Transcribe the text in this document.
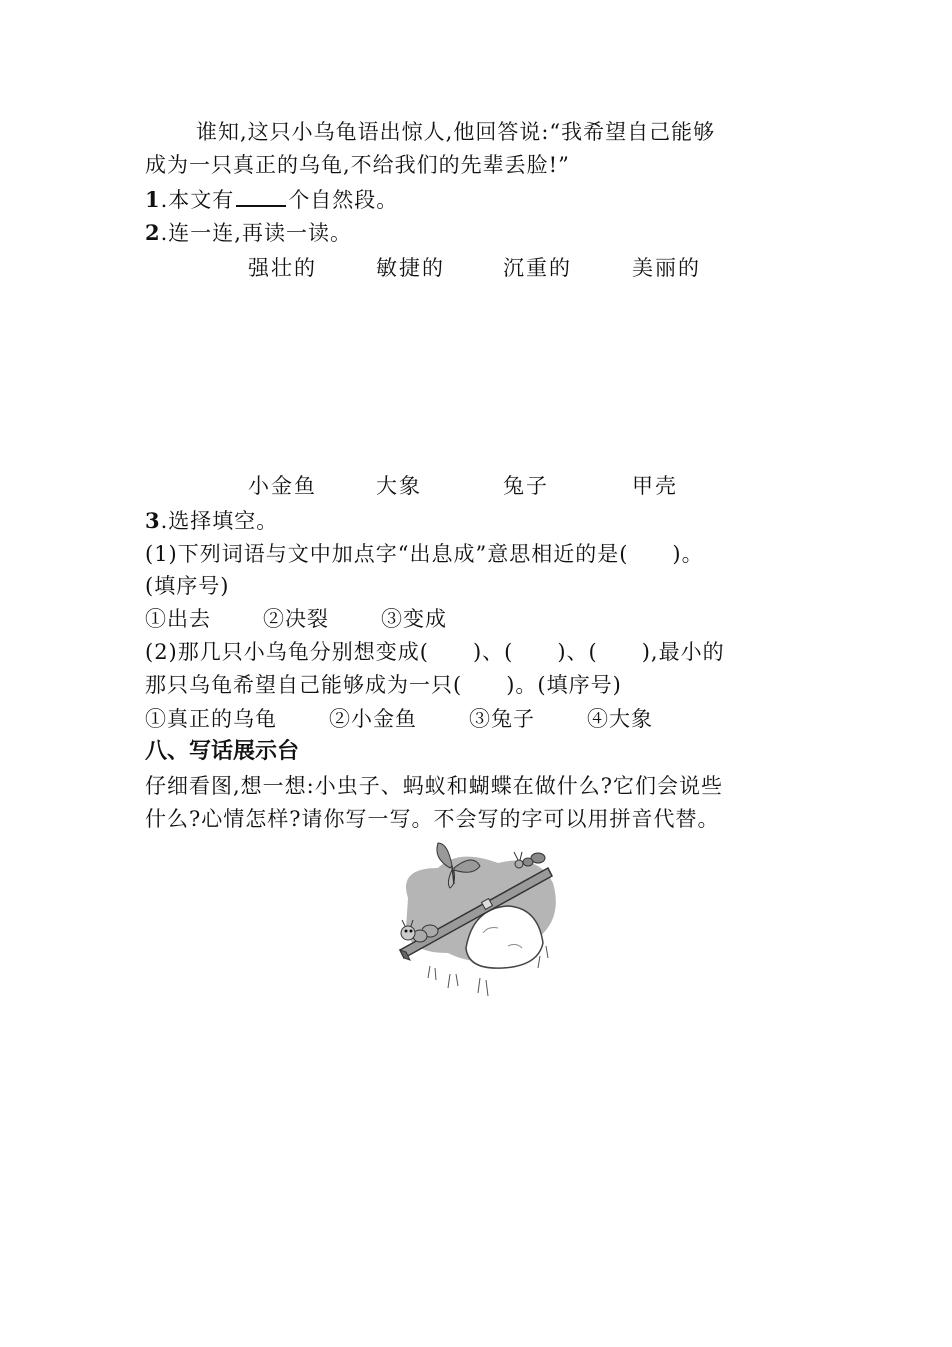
谁知,这只小乌龟语出惊人,他回答说:“我希望自己能够
成为一只真正的乌龟,不给我们的先辈丢脸!”
1.本文有	个自然段。
2.连一连,再读一读。
强壮的	敏捷的	沉重的	美丽的
小金鱼	大象	兔子	甲壳
3.选择填空。
(1)下列词语与文中加点字“出息成”意思相近的是(　　)。
(填序号)
①出去 ②决裂 ③变成
(2)那几只小乌龟分别想变成(　　)、(　　)、(　　),最小的
那只乌龟希望自己能够成为一只(　　)。(填序号)
①真正的乌龟 ②小金鱼 ③兔子 ④大象
八、写话展示台
仔细看图,想一想:小虫子、蚂蚁和蝴蝶在做什么?它们会说些
什么?心情怎样?请你写一写。不会写的字可以用拼音代替。
